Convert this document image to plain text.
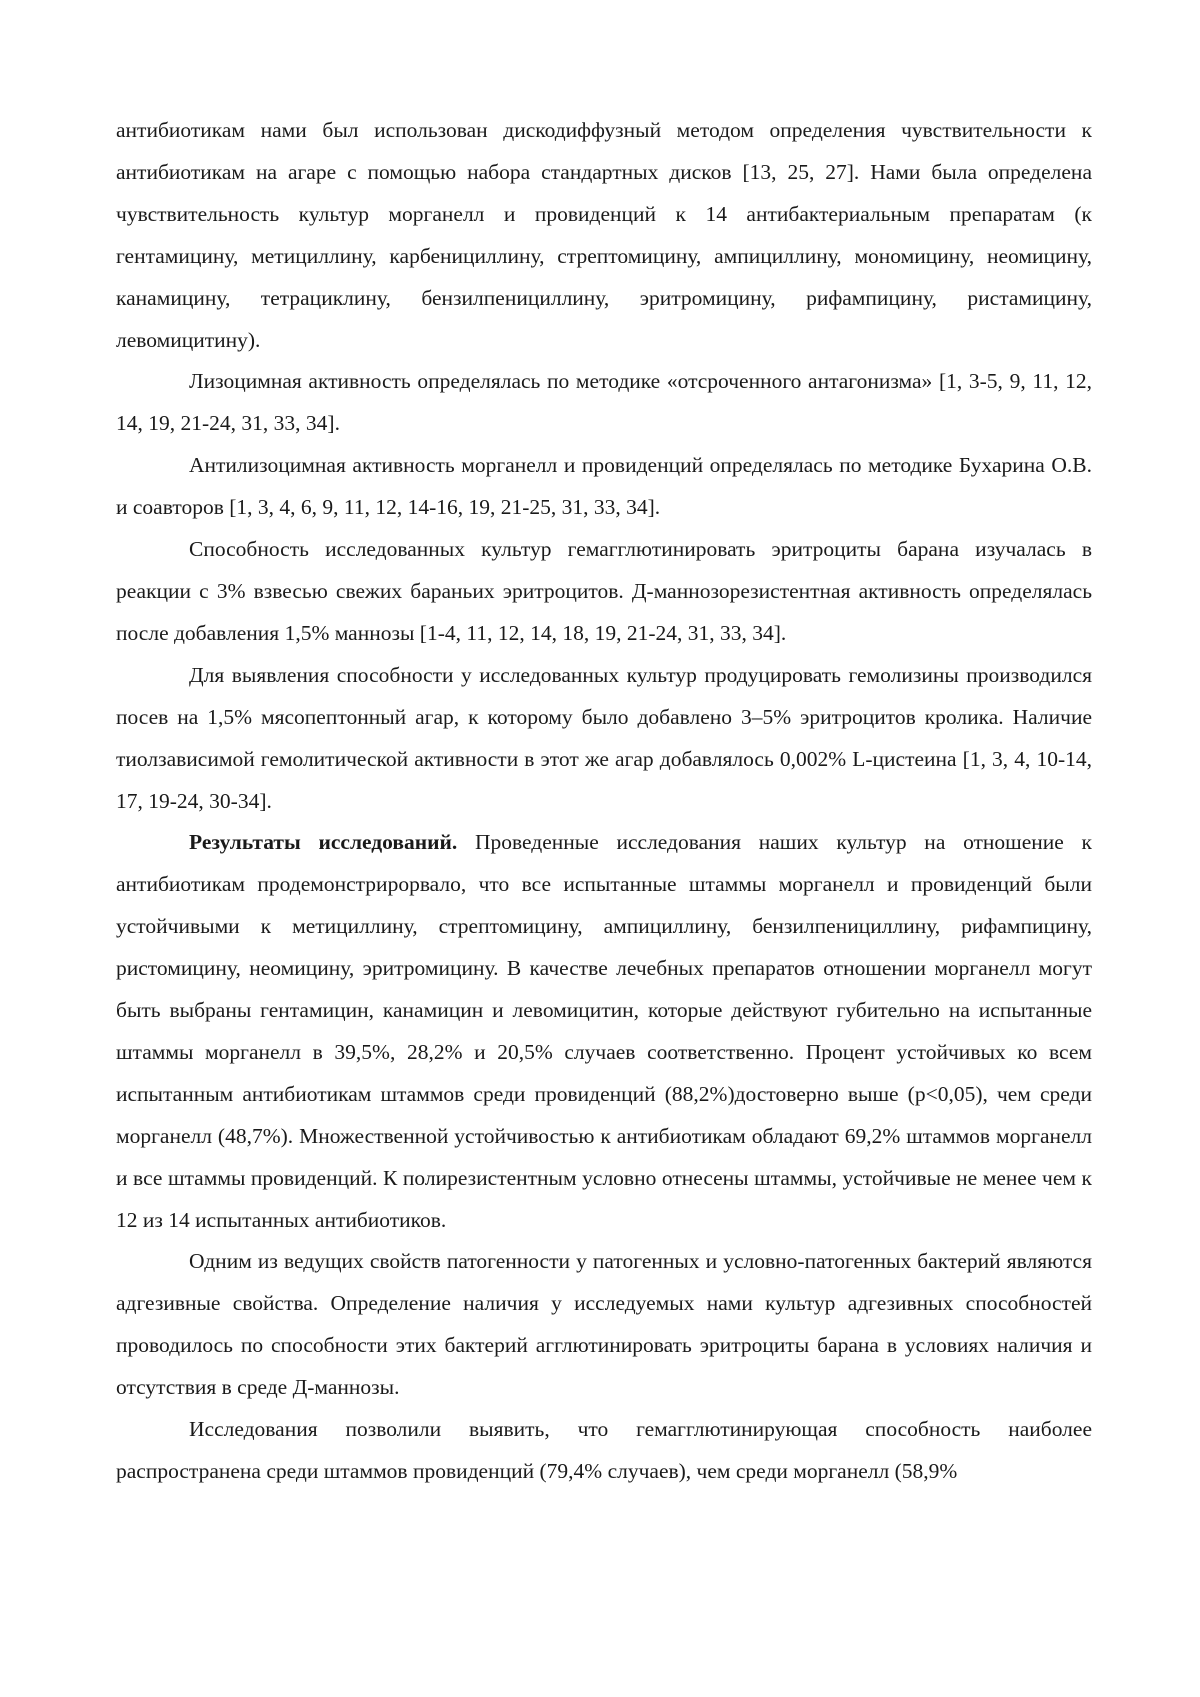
антибиотикам нами был использован дискодиффузный методом определения чувствительности к антибиотикам на агаре с помощью набора стандартных дисков [13, 25, 27]. Нами была определена чувствительность культур морганелл и провиденций к 14 антибактериальным препаратам (к гентамицину, метициллину, карбенициллину, стрептомицину, ампициллину, мономицину, неомицину, канамицину, тетрациклину, бензилпенициллину, эритромицину, рифампицину, ристамицину, левомицитину).

Лизоцимная активность определялась по методике «отсроченного антагонизма» [1, 3-5, 9, 11, 12, 14, 19, 21-24, 31, 33, 34].

Антилизоцимная активность морганелл и провиденций определялась по методике Бухарина О.В. и соавторов [1, 3, 4, 6, 9, 11, 12, 14-16, 19, 21-25, 31, 33, 34].

Способность исследованных культур гемагглютинировать эритроциты барана изучалась в реакции с 3% взвесью свежих бараньих эритроцитов. Д-маннозорезистентная активность определялась после добавления 1,5% маннозы [1-4, 11, 12, 14, 18, 19, 21-24, 31, 33, 34].

Для выявления способности у исследованных культур продуцировать гемолизины производился посев на 1,5% мясопептонный агар, к которому было добавлено 3–5% эритроцитов кролика. Наличие тиолзависимой гемолитической активности в этот же агар добавлялось 0,002% L-цистеина [1, 3, 4, 10-14, 17, 19-24, 30-34].

Результаты исследований. Проведенные исследования наших культур на отношение к антибиотикам продемонстрирорвало, что все испытанные штаммы морганелл и провиденций были устойчивыми к метициллину, стрептомицину, ампициллину, бензилпенициллину, рифампицину, ристомицину, неомицину, эритромицину. В качестве лечебных препаратов отношении морганелл могут быть выбраны гентамицин, канамицин и левомицитин, которые действуют губительно на испытанные штаммы морганелл в 39,5%, 28,2% и 20,5% случаев соответственно. Процент устойчивых ко всем испытанным антибиотикам штаммов среди провиденций (88,2%)достоверно выше (р<0,05), чем среди морганелл (48,7%). Множественной устойчивостью к антибиотикам обладают 69,2% штаммов морганелл и все штаммы провиденций. К полирезистентным условно отнесены штаммы, устойчивые не менее чем к 12 из 14 испытанных антибиотиков.

Одним из ведущих свойств патогенности у патогенных и условно-патогенных бактерий являются адгезивные свойства. Определение наличия у исследуемых нами культур адгезивных способностей проводилось по способности этих бактерий агглютинировать эритроциты барана в условиях наличия и отсутствия в среде Д-маннозы.

Исследования позволили выявить, что гемагглютинирующая способность наиболее распространена среди штаммов провиденций (79,4% случаев), чем среди морганелл (58,9%
